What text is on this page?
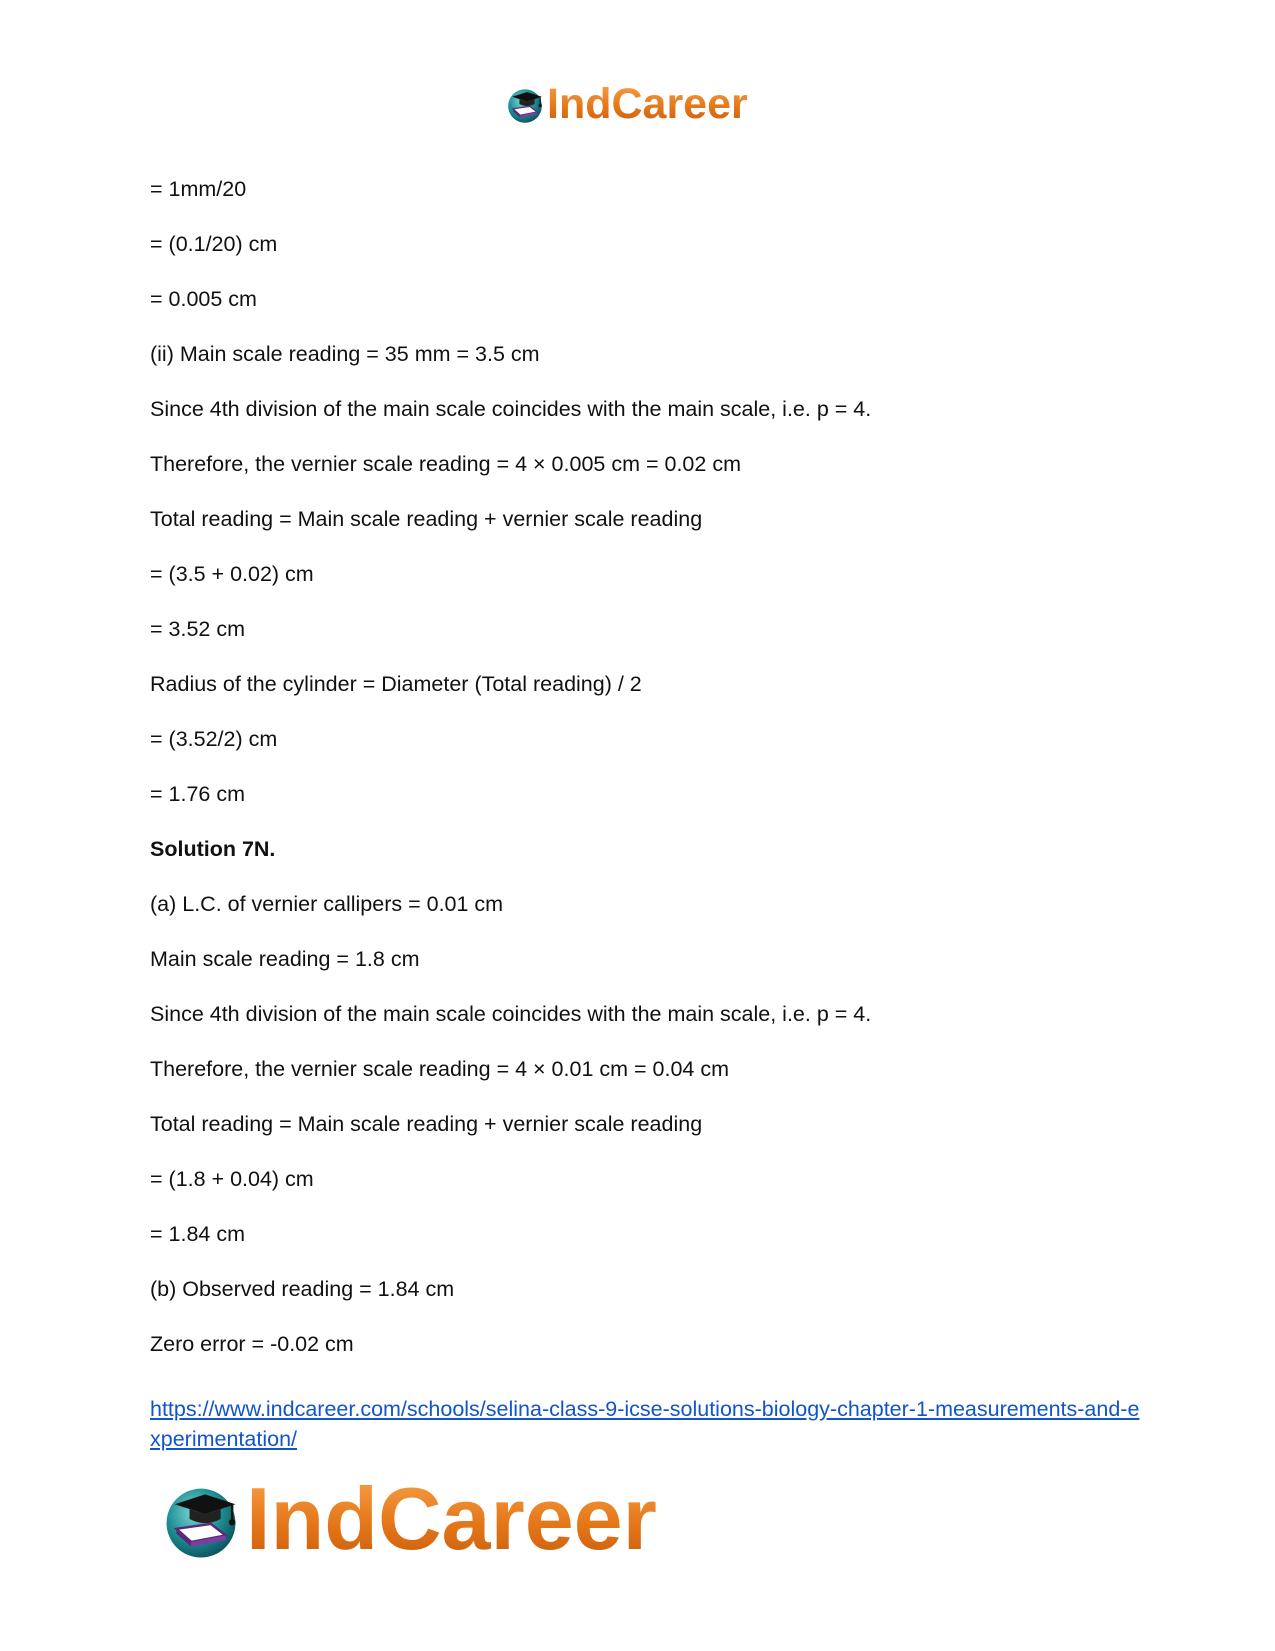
IndCareer
= 1mm/20
= (0.1/20) cm
= 0.005 cm
(ii) Main scale reading = 35 mm = 3.5 cm
Since 4th division of the main scale coincides with the main scale, i.e. p = 4.
Therefore, the vernier scale reading = 4 × 0.005 cm = 0.02 cm
Total reading = Main scale reading + vernier scale reading
= (3.5 + 0.02) cm
= 3.52 cm
Radius of the cylinder = Diameter (Total reading) / 2
= (3.52/2) cm
= 1.76 cm
Solution 7N.
(a) L.C. of vernier callipers = 0.01 cm
Main scale reading = 1.8 cm
Since 4th division of the main scale coincides with the main scale, i.e. p = 4.
Therefore, the vernier scale reading = 4 × 0.01 cm = 0.04 cm
Total reading = Main scale reading + vernier scale reading
= (1.8 + 0.04) cm
= 1.84 cm
(b) Observed reading = 1.84 cm
Zero error = -0.02 cm
https://www.indcareer.com/schools/selina-class-9-icse-solutions-biology-chapter-1-measurements-and-experimentation/
IndCareer
